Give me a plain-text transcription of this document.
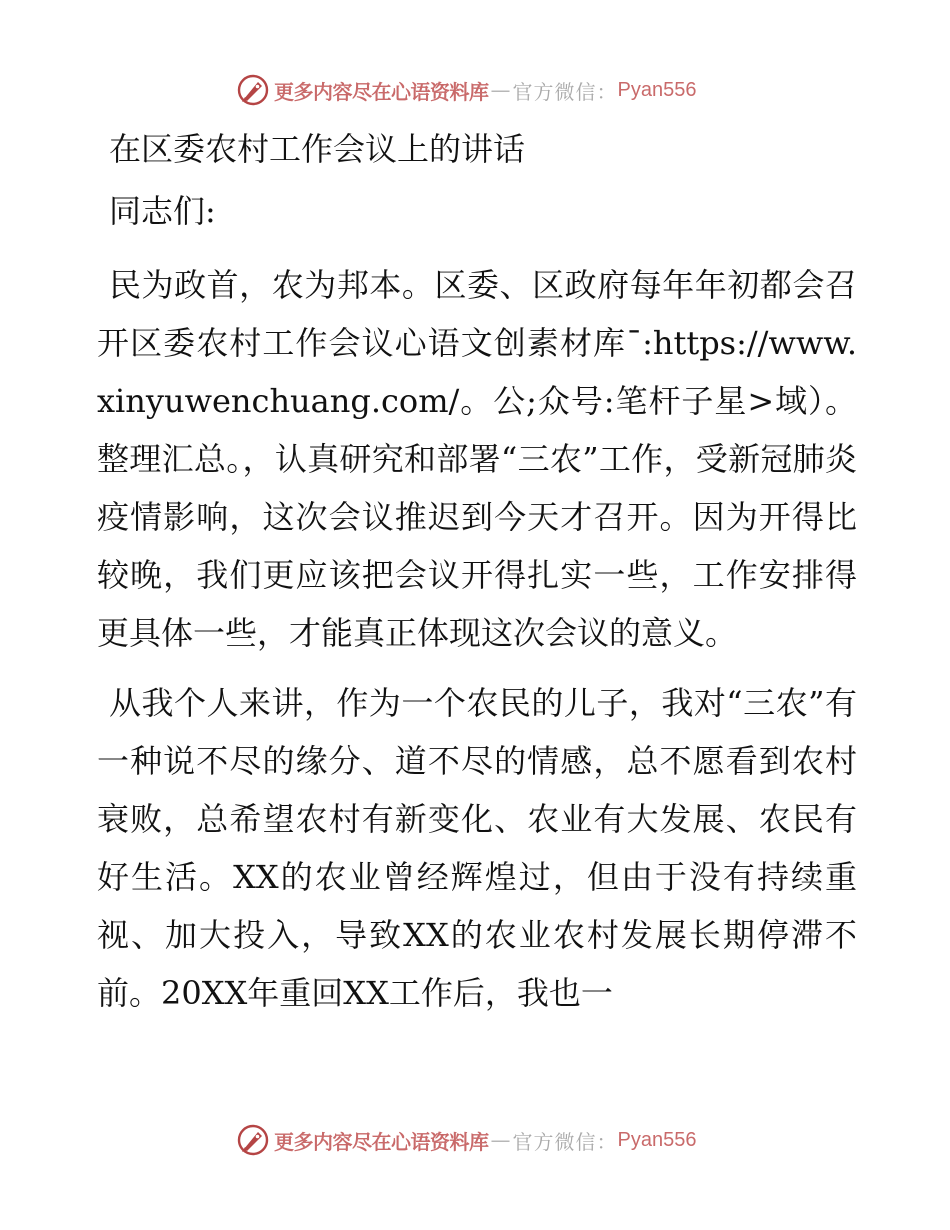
更多内容尽在心语资料库 — 官方微信： Pyan556
在区委农村工作会议上的讲话

同志们:

民为政首，农为邦本。区委、区政府每年年初都会召开区委农村工作会议心语文创素材库¯:https://www.xinyuwenchuang.com/。公;众号:笔杆子星>域）。整理汇总。，认真研究和部署“三农”工作，受新冠肺炎疫情影响，这次会议推迟到今天才召开。因为开得比较晚，我们更应该把会议开得扎实一些，工作安排得更具体一些，才能真正体现这次会议的意义。

从我个人来讲，作为一个农民的儿子，我对“三农”有一种说不尽的缘分、道不尽的情感，总不愿看到农村衰败，总希望农村有新变化、农业有大发展、农民有好生活。XX的农业曾经辉煌过，但由于没有持续重视、加大投入，导致XX的农业农村发展长期停滞不前。20XX年重回XX工作后，我也一

更多内容尽在心语资料库 — 官方微信： Pyan556
